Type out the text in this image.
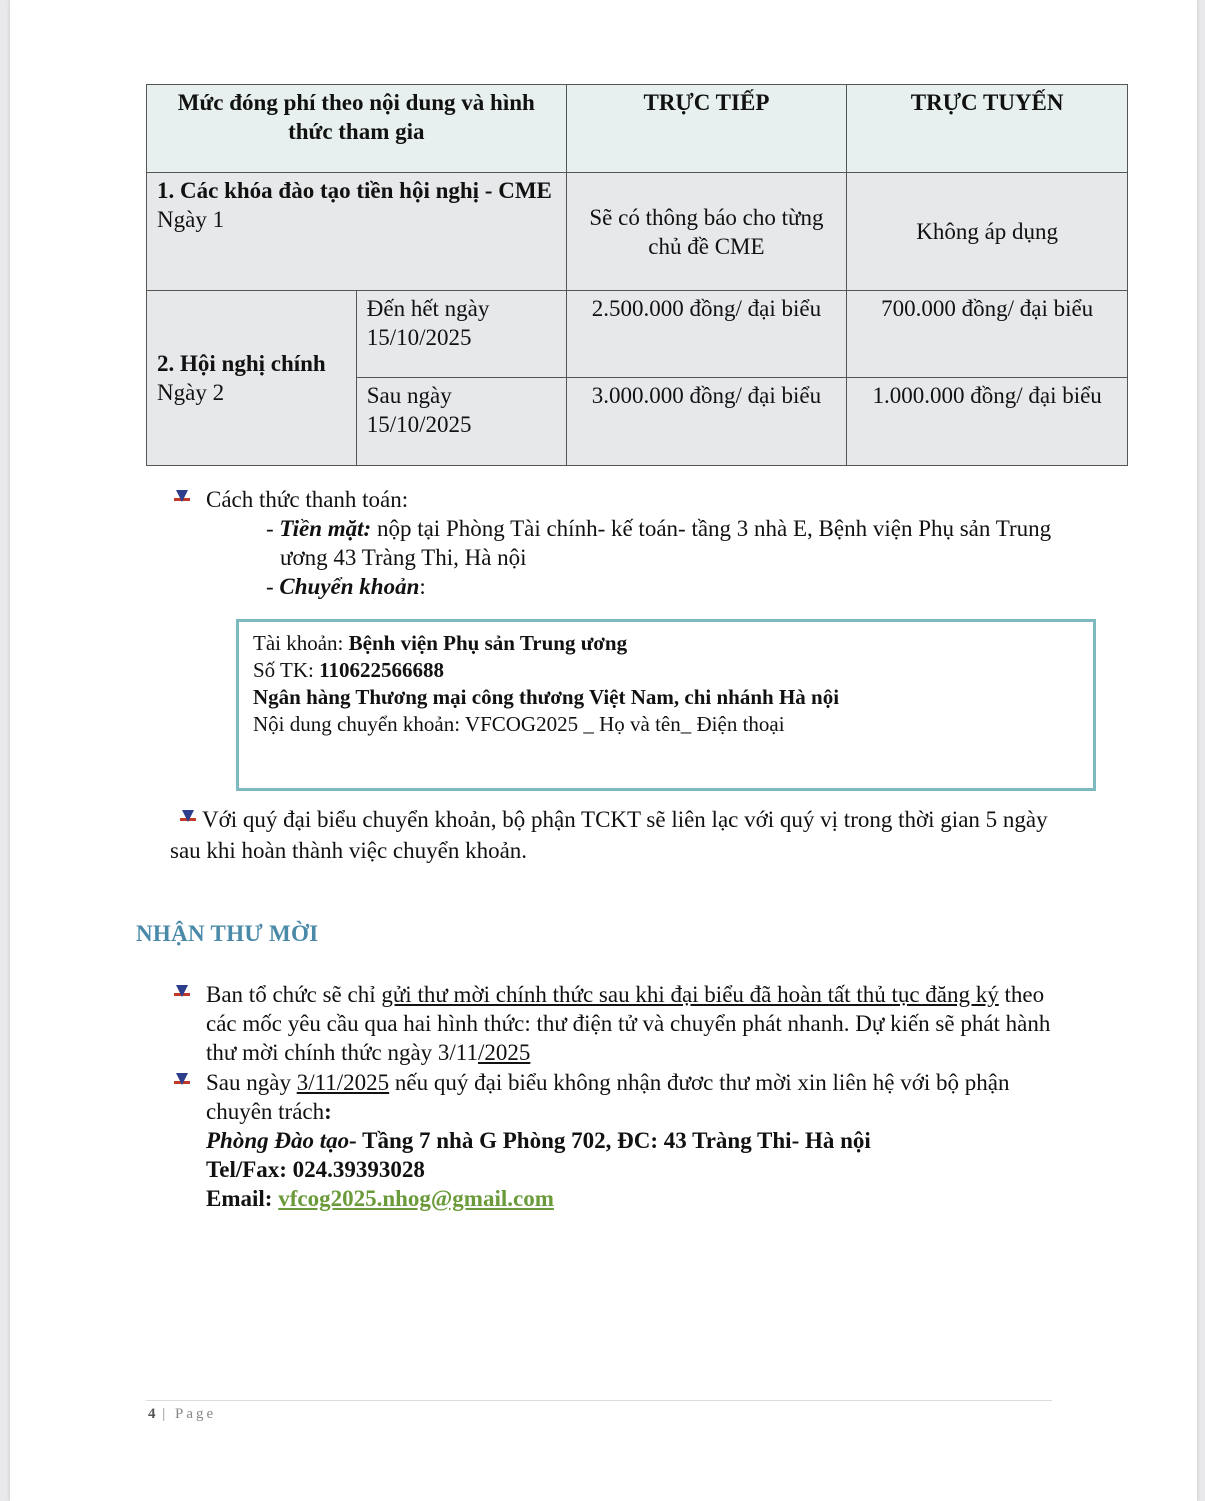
Mức đóng phí theo nội dung và hình thức tham gia		TRỰC TIẾP	TRỰC TUYẾN

1. Các khóa đào tạo tiền hội nghị - CME
Ngày 1		Sẽ có thông báo cho từng chủ đề CME	Không áp dụng

2. Hội nghị chính
Ngày 2	Đến hết ngày 15/10/2025	2.500.000 đồng/ đại biểu	700.000 đồng/ đại biểu
	Sau ngày 15/10/2025	3.000.000 đồng/ đại biểu	1.000.000 đồng/ đại biểu
Cách thức thanh toán:
- Tiền mặt: nộp tại Phòng Tài chính- kế toán- tầng 3 nhà E, Bệnh viện Phụ sản Trung
ương 43 Tràng Thi, Hà nội
- Chuyển khoản:
Tài khoản: Bệnh viện Phụ sản Trung ương
Số TK: 110622566688
Ngân hàng Thương mại công thương Việt Nam, chi nhánh Hà nội
Nội dung chuyển khoản: VFCOG2025 _ Họ và tên_ Điện thoại
Với quý đại biểu chuyển khoản, bộ phận TCKT sẽ liên lạc với quý vị trong thời gian 5 ngày
sau khi hoàn thành việc chuyển khoản.
NHẬN THƯ MỜI
Ban tổ chức sẽ chỉ gửi thư mời chính thức sau khi đại biểu đã hoàn tất thủ tục đăng ký theo
các mốc yêu cầu qua hai hình thức: thư điện tử và chuyển phát nhanh. Dự kiến sẽ phát hành
thư mời chính thức ngày 3/11/2025
Sau ngày 3/11/2025 nếu quý đại biểu không nhận đươc thư mời xin liên hệ với bộ phận
chuyên trách:
Phòng Đào tạo- Tầng 7 nhà G Phòng 702, ĐC: 43 Tràng Thi- Hà nội
Tel/Fax: 024.39393028
Email: vfcog2025.nhog@gmail.com
4 | Page
